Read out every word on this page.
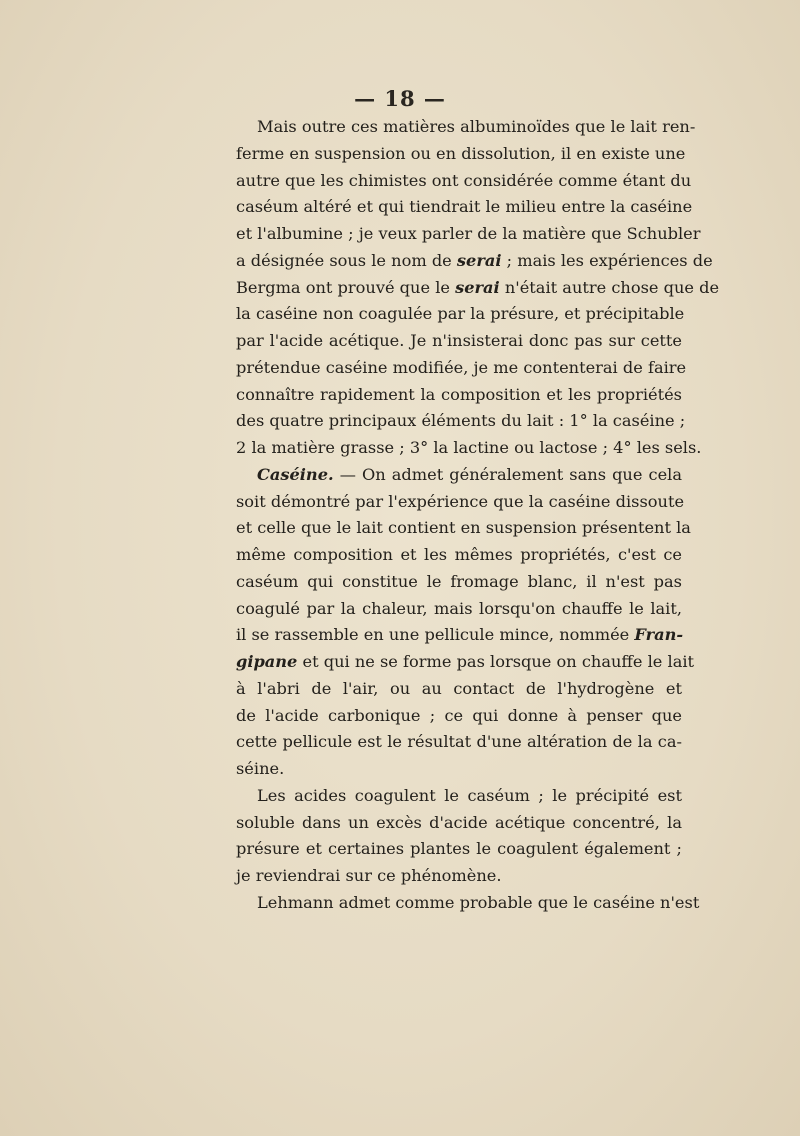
— 18 —
Mais outre ces matières albuminoïdes que le lait ren-
ferme en suspension ou en dissolution, il en existe une
autre que les chimistes ont considérée comme étant du
caséum altéré et qui tiendrait le milieu entre la caséine
et l'albumine ; je veux parler de la matière que Schubler
a désignée sous le nom de serai ; mais les expériences de
Bergma ont prouvé que le serai n'était autre chose que de
la caséine non coagulée par la présure, et précipitable
par l'acide acétique. Je n'insisterai donc pas sur cette
prétendue caséine modifiée, je me contenterai de faire
connaître rapidement la composition et les propriétés
des quatre principaux éléments du lait : 1° la caséine ;
2 la matière grasse ; 3° la lactine ou lactose ; 4° les sels.
Caséine. — On admet généralement sans que cela
soit démontré par l'expérience que la caséine dissoute
et celle que le lait contient en suspension présentent la
même composition et les mêmes propriétés, c'est ce
caséum qui constitue le fromage blanc, il n'est pas
coagulé par la chaleur, mais lorsqu'on chauffe le lait,
il se rassemble en une pellicule mince, nommée Fran-
gipane et qui ne se forme pas lorsque on chauffe le lait
à l'abri de l'air, ou au contact de l'hydrogène et
de l'acide carbonique ; ce qui donne à penser que
cette pellicule est le résultat d'une altération de la ca-
séine.
Les acides coagulent le caséum ; le précipité est
soluble dans un excès d'acide acétique concentré, la
présure et certaines plantes le coagulent également ;
je reviendrai sur ce phénomène.
Lehmann admet comme probable que le caséine n'est
